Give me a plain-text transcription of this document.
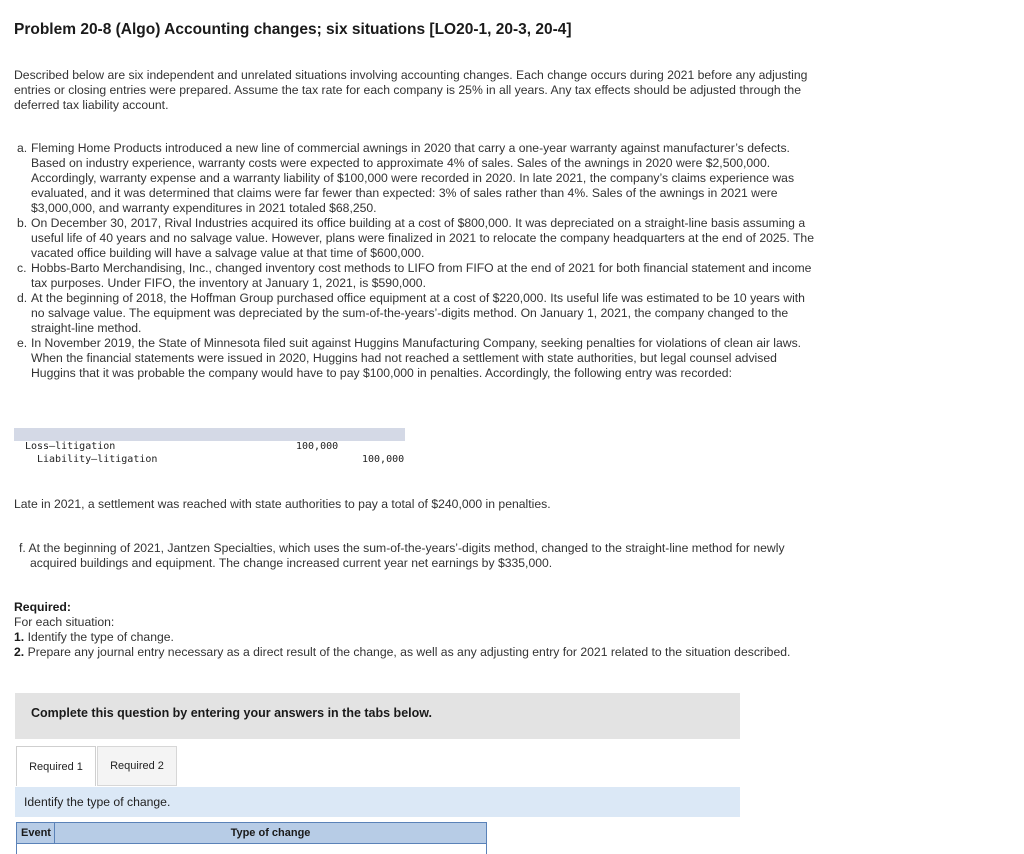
Problem 20-8 (Algo) Accounting changes; six situations [LO20-1, 20-3, 20-4]

Described below are six independent and unrelated situations involving accounting changes. Each change occurs during 2021 before any adjusting entries or closing entries were prepared. Assume the tax rate for each company is 25% in all years. Any tax effects should be adjusted through the deferred tax liability account.

a. Fleming Home Products introduced a new line of commercial awnings in 2020 that carry a one-year warranty against manufacturer’s defects. Based on industry experience, warranty costs were expected to approximate 4% of sales. Sales of the awnings in 2020 were $2,500,000. Accordingly, warranty expense and a warranty liability of $100,000 were recorded in 2020. In late 2021, the company’s claims experience was evaluated, and it was determined that claims were far fewer than expected: 3% of sales rather than 4%. Sales of the awnings in 2021 were $3,000,000, and warranty expenditures in 2021 totaled $68,250.
b. On December 30, 2017, Rival Industries acquired its office building at a cost of $800,000. It was depreciated on a straight-line basis assuming a useful life of 40 years and no salvage value. However, plans were finalized in 2021 to relocate the company headquarters at the end of 2025. The vacated office building will have a salvage value at that time of $600,000.
c. Hobbs-Barto Merchandising, Inc., changed inventory cost methods to LIFO from FIFO at the end of 2021 for both financial statement and income tax purposes. Under FIFO, the inventory at January 1, 2021, is $590,000.
d. At the beginning of 2018, the Hoffman Group purchased office equipment at a cost of $220,000. Its useful life was estimated to be 10 years with no salvage value. The equipment was depreciated by the sum-of-the-years’-digits method. On January 1, 2021, the company changed to the straight-line method.
e. In November 2019, the State of Minnesota filed suit against Huggins Manufacturing Company, seeking penalties for violations of clean air laws. When the financial statements were issued in 2020, Huggins had not reached a settlement with state authorities, but legal counsel advised Huggins that it was probable the company would have to pay $100,000 in penalties. Accordingly, the following entry was recorded:
Loss—litigation
Liability—litigation
100,000
100,000

Late in 2021, a settlement was reached with state authorities to pay a total of $240,000 in penalties.

f. At the beginning of 2021, Jantzen Specialties, which uses the sum-of-the-years’-digits method, changed to the straight-line method for newly acquired buildings and equipment. The change increased current year net earnings by $335,000.

Required:
For each situation:
1. Identify the type of change.
2. Prepare any journal entry necessary as a direct result of the change, as well as any adjusting entry for 2021 related to the situation described.
Complete this question by entering your answers in the tabs below.
Required 1	Required 2
Identify the type of change.
Event	Type of change
